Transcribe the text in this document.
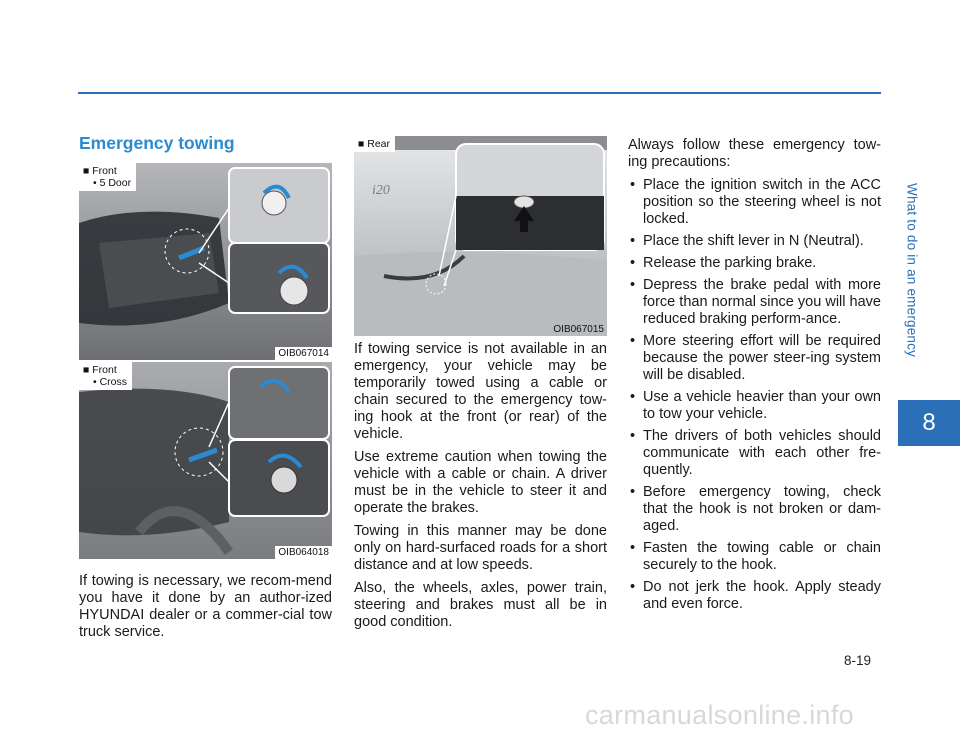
What to do in an emergency
8
Emergency towing
■ Front
• 5 Door
OIB067014
■ Front
• Cross
OIB064018
i20
■ Rear
OIB067015

If towing is necessary, we recom-mend you have it done by an author-ized HYUNDAI dealer or a commer-cial tow truck service.

If towing service is not available in an emergency, your vehicle may be temporarily towed using a cable or chain secured to the emergency tow-ing hook at the front (or rear) of the vehicle.

Use extreme caution when towing the vehicle with a cable or chain. A driver must be in the vehicle to steer it and operate the brakes.

Towing in this manner may be done only on hard-surfaced roads for a short distance and at low speeds.

Also, the wheels, axles, power train, steering and brakes must all be in good condition.

Always follow these emergency tow-ing precautions:

• Place the ignition switch in the ACC position so the steering wheel is not locked.
• Place the shift lever in N (Neutral).
• Release the parking brake.
• Depress the brake pedal with more force than normal since you will have reduced braking perform-ance.
• More steering effort will be required because the power steer-ing system will be disabled.
• Use a vehicle heavier than your own to tow your vehicle.
• The drivers of both vehicles should communicate with each other fre-quently.
• Before emergency towing, check that the hook is not broken or dam-aged.
• Fasten the towing cable or chain securely to the hook.
• Do not jerk the hook. Apply steady and even force.
8-19
carmanualsonline.info
